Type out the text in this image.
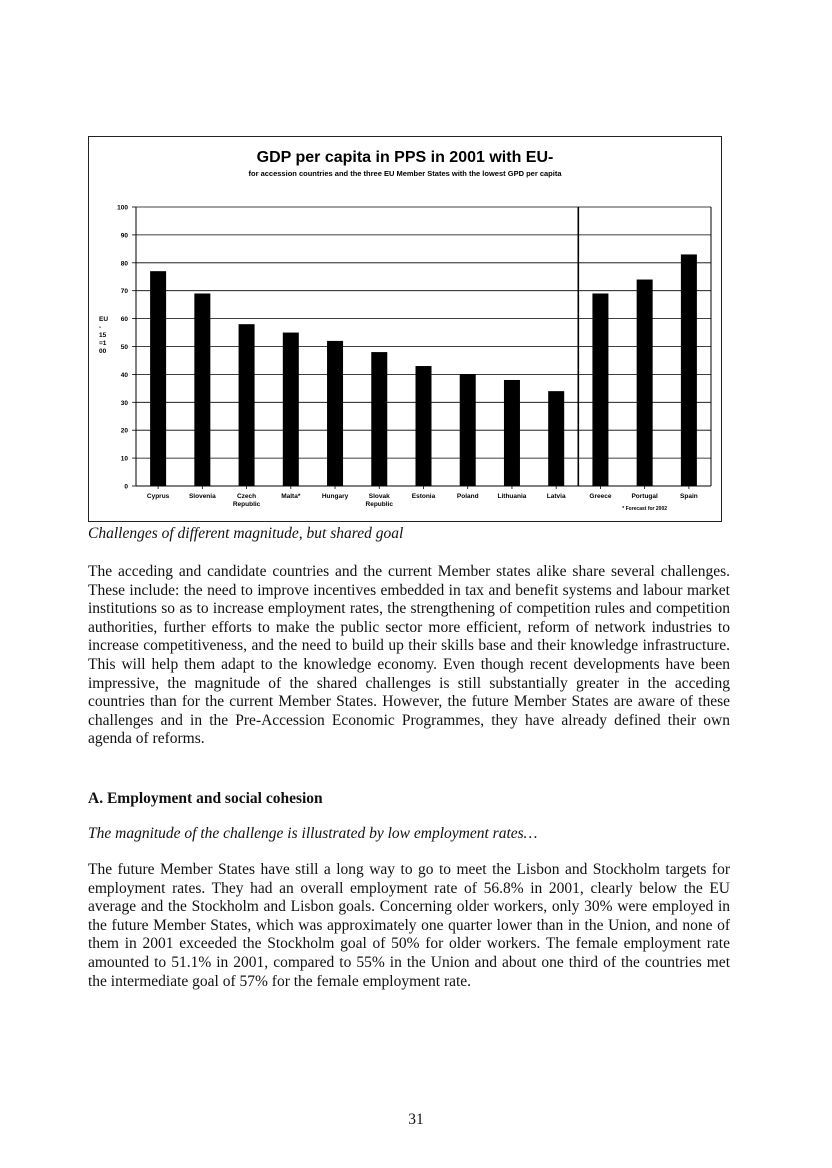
GDP per capita in PPS in 2001 with EU-
for accession countries and the three EU Member States with the lowest GPD per capita
0
10
20
30
40
50
60
70
80
90
100
EU
-
15
=1
00
Cyprus	Slovenia	Czech
Republic
Malta*	Hungary	Slovak
Republic
Estonia	Poland	Lithuania	Latvia	Greece	Portugal	Spain
* Forecast for 2002
Challenges of different magnitude, but shared goal

The acceding and candidate countries and the current Member states alike share several challenges. These include: the need to improve incentives embedded in tax and benefit systems and labour market institutions so as to increase employment rates, the strengthening of competition rules and competition authorities, further efforts to make the public sector more efficient, reform of network industries to increase competitiveness, and the need to build up their skills base and their knowledge infrastructure. This will help them adapt to the knowledge economy. Even though recent developments have been impressive, the magnitude of the shared challenges is still substantially greater in the acceding countries than for the current Member States. However, the future Member States are aware of these challenges and in the Pre-Accession Economic Programmes, they have already defined their own agenda of reforms.

A. Employment and social cohesion
The magnitude of the challenge is illustrated by low employment rates…

The future Member States have still a long way to go to meet the Lisbon and Stockholm targets for employment rates. They had an overall employment rate of 56.8% in 2001, clearly below the EU average and the Stockholm and Lisbon goals. Concerning older workers, only 30% were employed in the future Member States, which was approximately one quarter lower than in the Union, and none of them in 2001 exceeded the Stockholm goal of 50% for older workers. The female employment rate amounted to 51.1% in 2001, compared to 55% in the Union and about one third of the countries met the intermediate goal of 57% for the female employment rate.

31
